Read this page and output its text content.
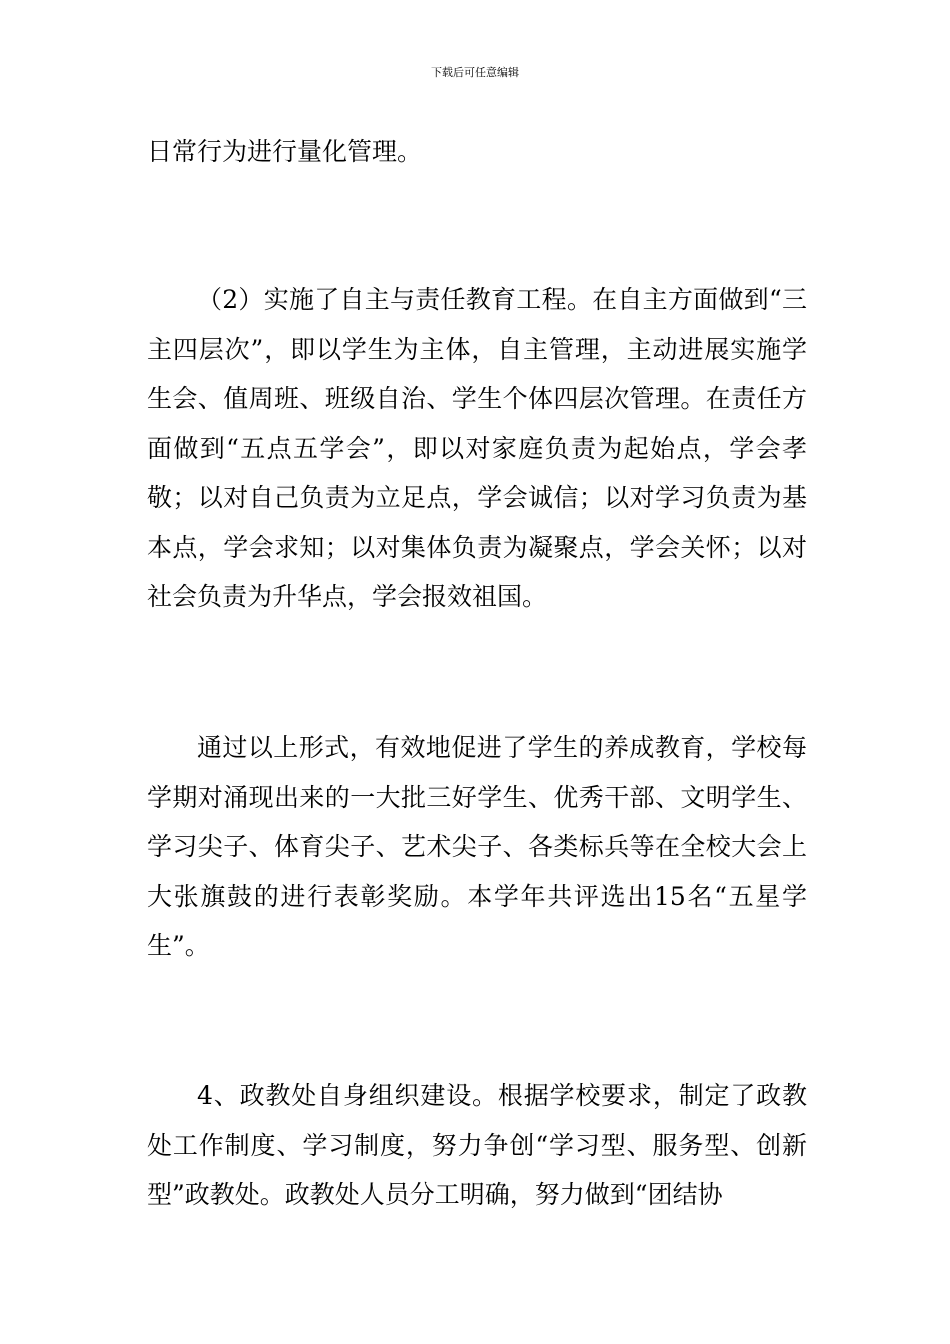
下载后可任意编辑

日常行为进行量化管理。

（2）实施了自主与责任教育工程。在自主方面做到“三主四层次”，即以学生为主体，自主管理，主动进展实施学生会、值周班、班级自治、学生个体四层次管理。在责任方面做到“五点五学会”，即以对家庭负责为起始点，学会孝敬；以对自己负责为立足点，学会诚信；以对学习负责为基本点，学会求知；以对集体负责为凝聚点，学会关怀；以对社会负责为升华点，学会报效祖国。

通过以上形式，有效地促进了学生的养成教育，学校每学期对涌现出来的一大批三好学生、优秀干部、文明学生、学习尖子、体育尖子、艺术尖子、各类标兵等在全校大会上大张旗鼓的进行表彰奖励。本学年共评选出15名“五星学生”。

4、政教处自身组织建设。根据学校要求，制定了政教处工作制度、学习制度，努力争创“学习型、服务型、创新型”政教处。政教处人员分工明确，努力做到“团结协
